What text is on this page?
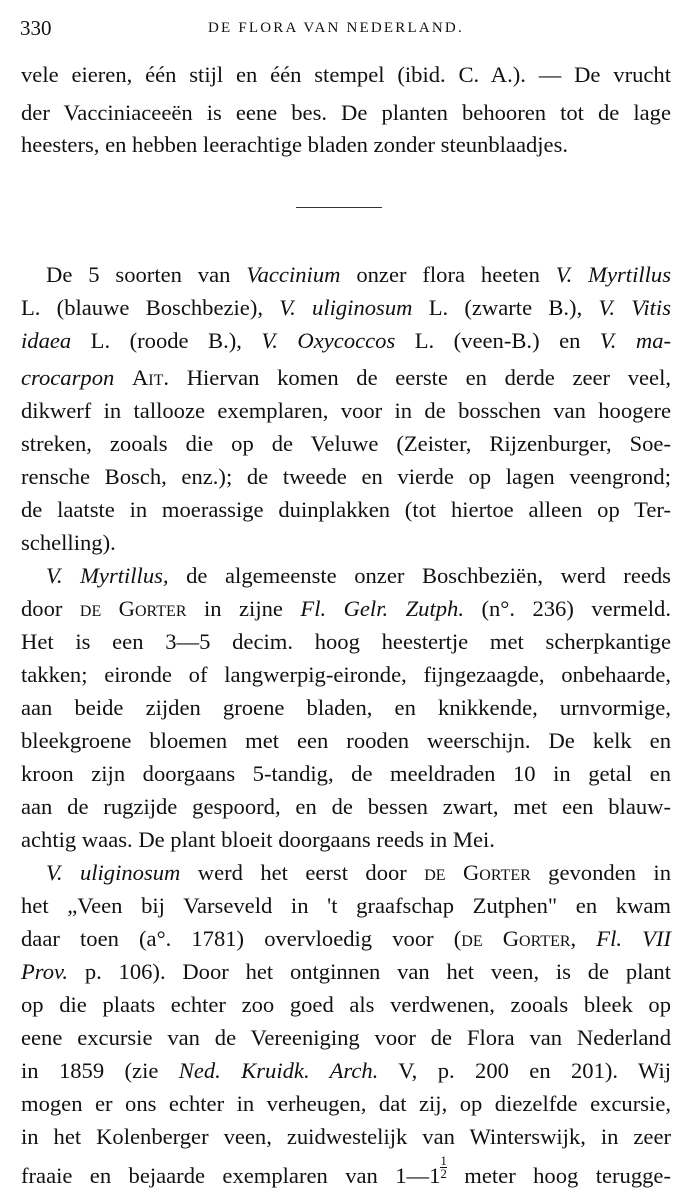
330	DE FLORA VAN NEDERLAND.
vele eieren, één stijl en één stempel (ibid. C. A.). — De vrucht
der Vacciniaceeën is eene bes. De planten behooren tot de lage
heesters, en hebben leerachtige bladen zonder steunblaadjes.
De 5 soorten van Vaccinium onzer flora heeten V. Myrtillus
L. (blauwe Boschbezie), V. uliginosum L. (zwarte B.), V. Vitis
idaea L. (roode B.), V. Oxycoccos L. (veen-B.) en V. ma-
crocarpon Ait. Hiervan komen de eerste en derde zeer veel,
dikwerf in tallooze exemplaren, voor in de bosschen van hoogere
streken, zooals die op de Veluwe (Zeister, Rijzenburger, Soe-
rensche Bosch, enz.); de tweede en vierde op lagen veengrond;
de laatste in moerassige duinplakken (tot hiertoe alleen op Ter-
schelling).
V. Myrtillus, de algemeenste onzer Boschbeziën, werd reeds
door de Gorter in zijne Fl. Gelr. Zutph. (n°. 236) vermeld.
Het is een 3—5 decim. hoog heestertje met scherpkantige
takken; eironde of langwerpig-eironde, fijngezaagde, onbehaarde,
aan beide zijden groene bladen, en knikkende, urnvormige,
bleekgroene bloemen met een rooden weerschijn. De kelk en
kroon zijn doorgaans 5-tandig, de meeldraden 10 in getal en
aan de rugzijde gespoord, en de bessen zwart, met een blauw-
achtig waas. De plant bloeit doorgaans reeds in Mei.
V. uliginosum werd het eerst door de Gorter gevonden in
het „Veen bij Varseveld in 't graafschap Zutphen" en kwam
daar toen (a°. 1781) overvloedig voor (de Gorter, Fl. VII
Prov. p. 106). Door het ontginnen van het veen, is de plant
op die plaats echter zoo goed als verdwenen, zooals bleek op
eene excursie van de Vereeniging voor de Flora van Nederland
in 1859 (zie Ned. Kruidk. Arch. V, p. 200 en 201). Wij
mogen er ons echter in verheugen, dat zij, op diezelfde excursie,
in het Kolenberger veen, zuidwestelijk van Winterswijk, in zeer
fraaie en bejaarde exemplaren van $1—1\frac{1}{2}$ meter hoog terugge-
